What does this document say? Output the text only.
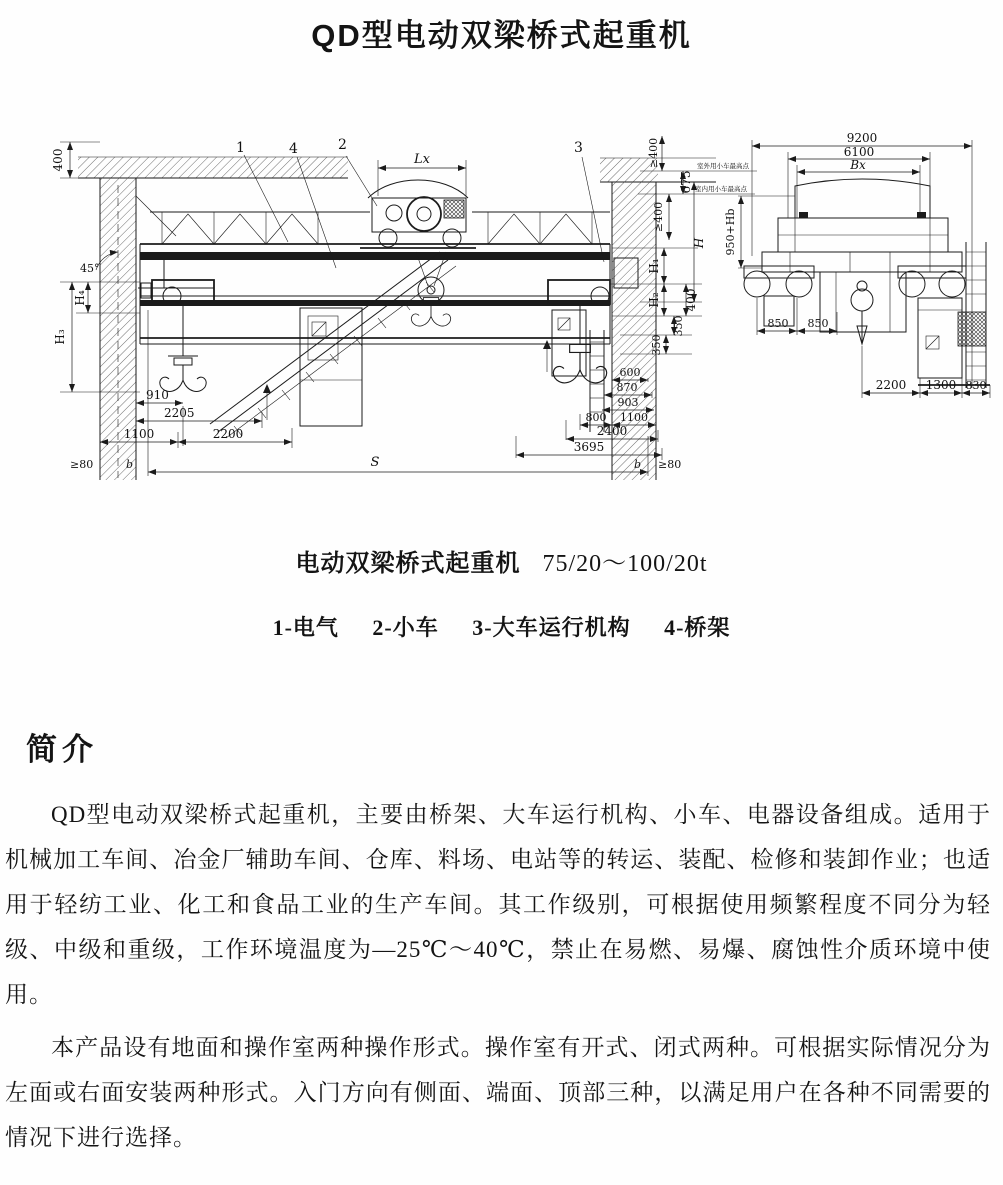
QD型电动双梁桥式起重机
45°
1	4	2	3
Lx
400
H₄
H₃
≥400
675
≥400
H
H₁
H₂ 400
350
350
室外用小车最高点
室内用小车最高点
910
2205
1100	2200
≥80	b	S	b ≥80
600
870
903
800 1100
2400
3695
9200
6100
Bx
950+Hb
850 850
2200 1300 830
电动双梁桥式起重机 75/20～100/20t
1-电气 2-小车 3-大车运行机构 4-桥架
简介

QD型电动双梁桥式起重机，主要由桥架、大车运行机构、小车、电器设备组成。适用于机械加工车间、冶金厂辅助车间、仓库、料场、电站等的转运、装配、检修和装卸作业；也适用于轻纺工业、化工和食品工业的生产车间。其工作级别，可根据使用频繁程度不同分为轻级、中级和重级，工作环境温度为—25℃～40℃，禁止在易燃、易爆、腐蚀性介质环境中使用。

本产品设有地面和操作室两种操作形式。操作室有开式、闭式两种。可根据实际情况分为左面或右面安装两种形式。入门方向有侧面、端面、顶部三种，以满足用户在各种不同需要的情况下进行选择。
